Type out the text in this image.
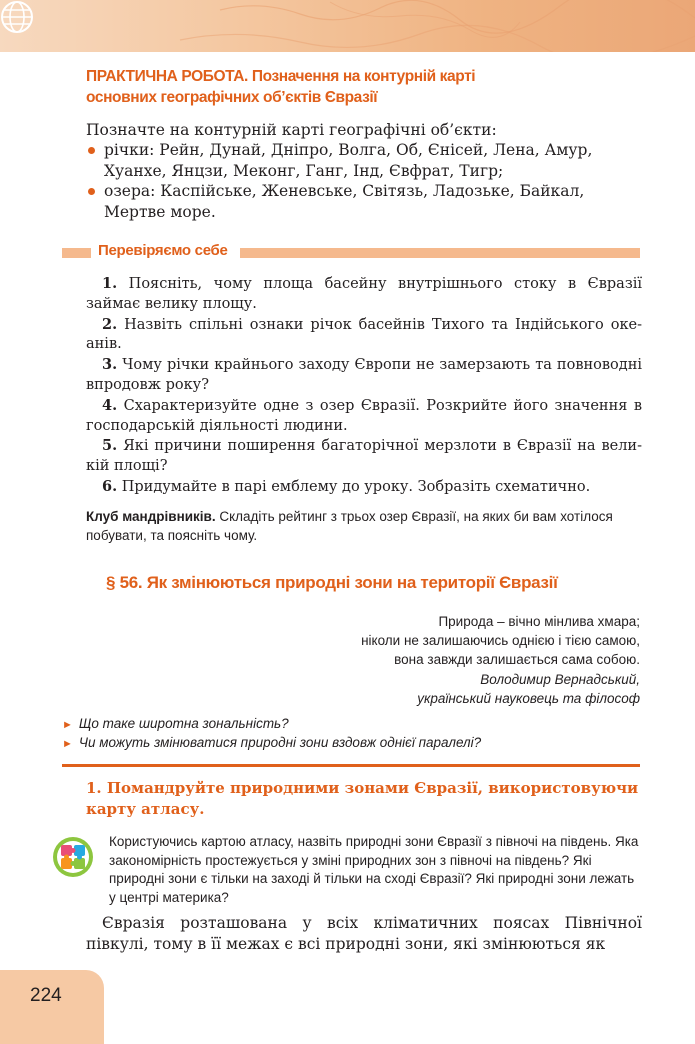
ПРАКТИЧНА РОБОТА. Позначення на контурній карті
основних географічних об’єктів Євразії
Позначте на контурній карті географічні об’єкти:
річки: Рейн, Дунай, Дніпро, Волга, Об, Єнісей, Лена, Амур, Хуанхе, Янцзи, Меконг, Ганг, Інд, Євфрат, Тигр;
озера: Каспійське, Женевське, Світязь, Ладозьке, Байкал, Мертве море.
Перевіряємо себе

1. Поясніть, чому площа басейну внутрішнього стоку в Євразії займає велику площу.

2. Назвіть спільні ознаки річок басейнів Тихого та Індійського океанів.

3. Чому річки крайнього заходу Європи не замерзають та повноводні впродовж року?

4. Схарактеризуйте одне з озер Євразії. Розкрийте його значення в господарській діяльності людини.

5. Які причини поширення багаторічної мерзлоти в Євразії на великій площі?

6. Придумайте в парі емблему до уроку. Зобразіть схематично.

Клуб мандрівників. Складіть рейтинг з трьох озер Євразії, на яких би вам хотілося побувати, та поясніть чому.
§ 56. Як змінюються природні зони на території Євразії
Природа – вічно мінлива хмара;
ніколи не залишаючись однією і тією самою,
вона завжди залишається сама собою.
Володимир Вернадський,
український науковець та філософ
► Що таке широтна зональність?
► Чи можуть змінюватися природні зони вздовж однієї паралелі?
1. Помандруйте природними зонами Євразії, використовуючи карту атласу.
Користуючись картою атласу, назвіть природні зони Євразії з півночі на південь. Яка закономірність простежується у зміні природних зон з півночі на південь? Які природні зони є тільки на заході й тільки на сході Євразії? Які природні зони лежать у центрі материка?
Євразія розташована у всіх кліматичних поясах Північної півкулі, тому в її межах є всі природні зони, які змінюються як
224
